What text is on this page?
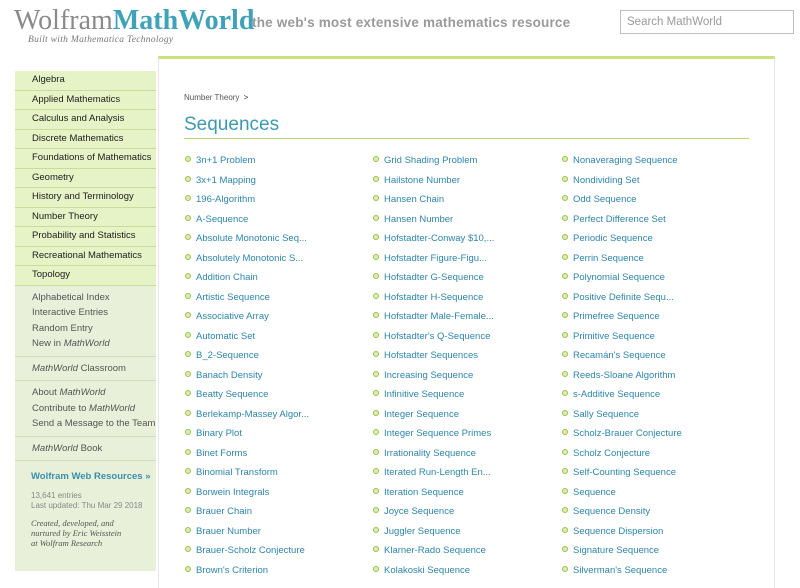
WolframMathWorld
Built with Mathematica Technology
the web's most extensive mathematics resource
Search MathWorld
Algebra
Applied Mathematics
Calculus and Analysis
Discrete Mathematics
Foundations of Mathematics
Geometry
History and Terminology
Number Theory
Probability and Statistics
Recreational Mathematics
Topology
Alphabetical Index
Interactive Entries
Random Entry
New in MathWorld
MathWorld Classroom
About MathWorld
Contribute to MathWorld
Send a Message to the Team
MathWorld Book
Wolfram Web Resources »
13,641 entries
Last updated: Thu Mar 29 2018
Created, developed, and
nurtured by Eric Weisstein
at Wolfram Research
Number Theory >
Sequences
3n+1 Problem
3x+1 Mapping
196-Algorithm
A-Sequence
Absolute Monotonic Seq...
Absolutely Monotonic S...
Addition Chain
Artistic Sequence
Associative Array
Automatic Set
B_2-Sequence
Banach Density
Beatty Sequence
Berlekamp-Massey Algor...
Binary Plot
Binet Forms
Binomial Transform
Borwein Integrals
Brauer Chain
Brauer Number
Brauer-Scholz Conjecture
Brown's Criterion
Grid Shading Problem
Hailstone Number
Hansen Chain
Hansen Number
Hofstadter-Conway $10,...
Hofstadter Figure-Figu...
Hofstadter G-Sequence
Hofstadter H-Sequence
Hofstadter Male-Female...
Hofstadter's Q-Sequence
Hofstadter Sequences
Increasing Sequence
Infinitive Sequence
Integer Sequence
Integer Sequence Primes
Irrationality Sequence
Iterated Run-Length En...
Iteration Sequence
Joyce Sequence
Juggler Sequence
Klarner-Rado Sequence
Kolakoski Sequence
Nonaveraging Sequence
Nondividing Set
Odd Sequence
Perfect Difference Set
Periodic Sequence
Perrin Sequence
Polynomial Sequence
Positive Definite Sequ...
Primefree Sequence
Primitive Sequence
Recamán's Sequence
Reeds-Sloane Algorithm
s-Additive Sequence
Sally Sequence
Scholz-Brauer Conjecture
Scholz Conjecture
Self-Counting Sequence
Sequence
Sequence Density
Sequence Dispersion
Signature Sequence
Silverman's Sequence
